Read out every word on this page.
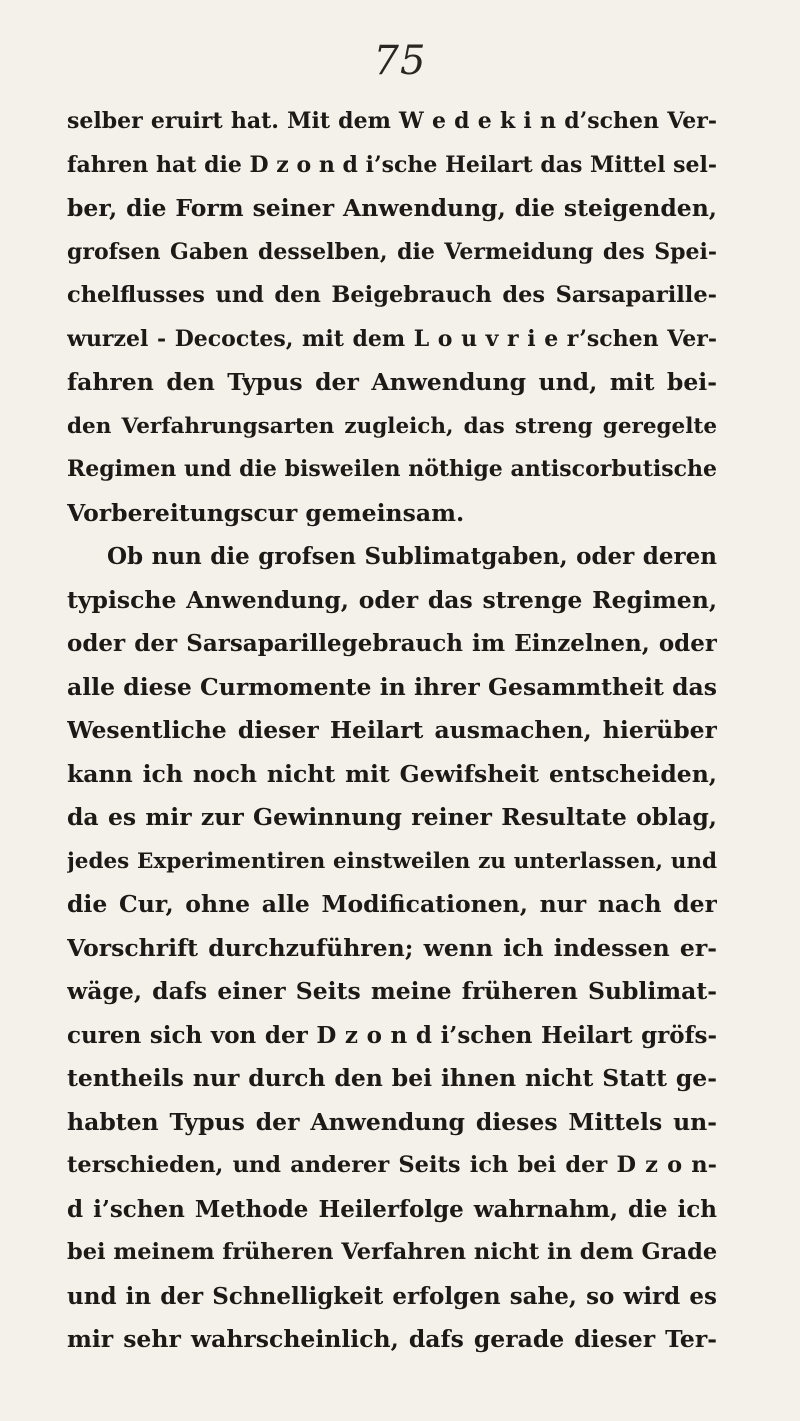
75
selber eruirt hat. Mit dem W e d e k i n d’schen Ver-
fahren hat die D z o n d i’sche Heilart das Mittel sel-
ber, die Form seiner Anwendung, die steigenden,
grofsen Gaben desselben, die Vermeidung des Spei-
chelflusses und den Beigebrauch des Sarsaparille-
wurzel - Decoctes, mit dem L o u v r i e r’schen Ver-
fahren den Typus der Anwendung und, mit bei-
den Verfahrungsarten zugleich, das streng geregelte
Regimen und die bisweilen nöthige antiscorbutische
Vorbereitungscur gemeinsam.
Ob nun die grofsen Sublimatgaben, oder deren
typische Anwendung, oder das strenge Regimen,
oder der Sarsaparillegebrauch im Einzelnen, oder
alle diese Curmomente in ihrer Gesammtheit das
Wesentliche dieser Heilart ausmachen, hierüber
kann ich noch nicht mit Gewifsheit entscheiden,
da es mir zur Gewinnung reiner Resultate oblag,
jedes Experimentiren einstweilen zu unterlassen, und
die Cur, ohne alle Modificationen, nur nach der
Vorschrift durchzuführen; wenn ich indessen er-
wäge, dafs einer Seits meine früheren Sublimat-
curen sich von der D z o n d i’schen Heilart gröfs-
tentheils nur durch den bei ihnen nicht Statt ge-
habten Typus der Anwendung dieses Mittels un-
terschieden, und anderer Seits ich bei der D z o n-
d i’schen Methode Heilerfolge wahrnahm, die ich
bei meinem früheren Verfahren nicht in dem Grade
und in der Schnelligkeit erfolgen sahe, so wird es
mir sehr wahrscheinlich, dafs gerade dieser Ter-
